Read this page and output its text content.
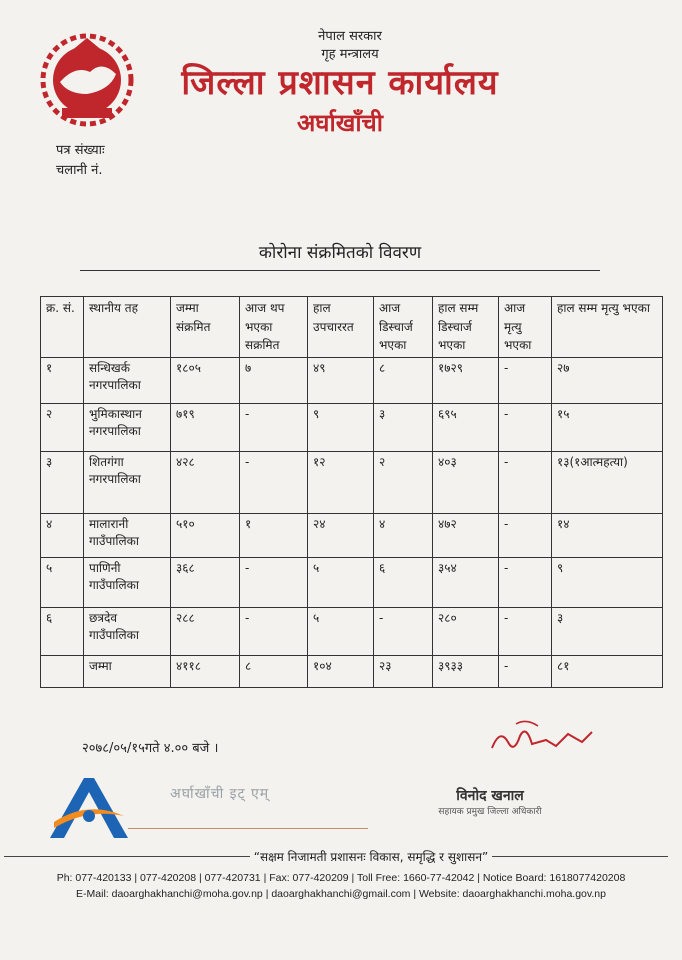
नेपाल सरकार
गृह मन्त्रालय
जिल्ला प्रशासन कार्यालय
अर्घाखाँची
पत्र संख्याः
चलानी नं.
कोरोना संक्रमितको विवरण
क्र. सं.	स्थानीय तह	जम्मा संक्रमित	आज थप भएका सक्रमित	हाल उपचाररत	आज डिस्चार्ज भएका	हाल सम्म डिस्चार्ज भएका	आज मृत्यु भएका	हाल सम्म मृत्यु भएका
१	सन्धिखर्क नगरपालिका	१८०५	७	४९	८	१७२९	-	२७
२	भुमिकास्थान नगरपालिका	७१९	-	९	३	६९५	-	१५
३	शितगंगा नगरपालिका	४२८	-	१२	२	४०३	-	१३(१आत्महत्या)
४	मालारानी गाउँपालिका	५१०	१	२४	४	४७२	-	१४
५	पाणिनी गाउँपालिका	३६८	-	५	६	३५४	-	९
६	छत्रदेव गाउँपालिका	२८८	-	५	-	२८०	-	३
	जम्मा	४११८	८	१०४	२३	३९३३	-	८१
२०७८/०५/१५गते ४.०० बजे ।
अर्घाखाँची इट् एम्	विनोद खनाल
सहायक प्रमुख जिल्ला अधिकारी
“सक्षम निजामती प्रशासनः विकास, समृद्धि र सुशासन”
Ph: 077-420133 | 077-420208 | 077-420731 | Fax: 077-420209 | Toll Free: 1660-77-42042 | Notice Board: 1618077420208
E-Mail: daoarghakhanchi@moha.gov.np | daoarghakhanchi@gmail.com | Website: daoarghakhanchi.moha.gov.np
